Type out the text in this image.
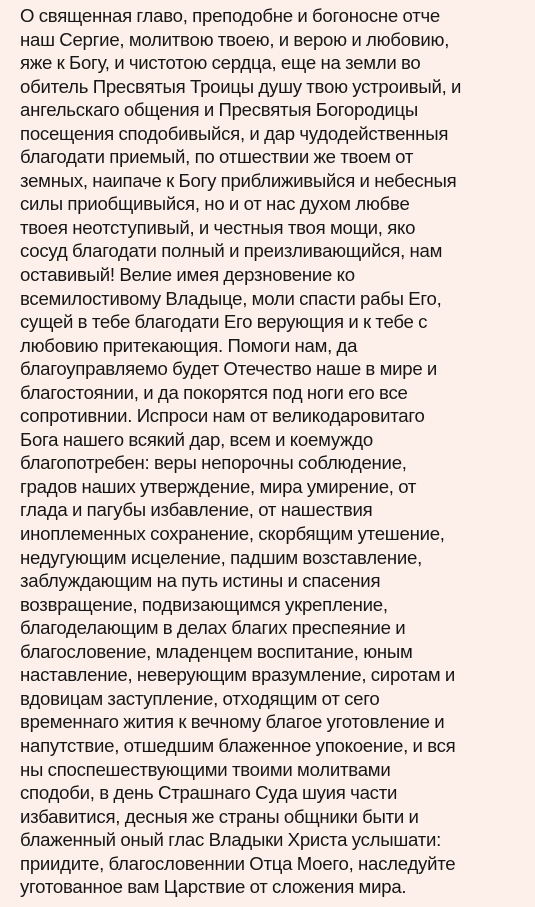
О священная главо, преподобне и богоносне отче
наш Сергие, молитвою твоею, и верою и любовию,
яже к Богу, и чистотою сердца, еще на земли во
обитель Пресвятыя Троицы душу твою устроивый, и
ангельскаго общения и Пресвятыя Богородицы
посещения сподобивыйся, и дар чудодейственныя
благодати приемый, по отшествии же твоем от
земных, наипаче к Богу приближивыйся и небесныя
силы приобщивыйся, но и от нас духом любве
твоея неотступивый, и честныя твоя мощи, яко
сосуд благодати полный и преизливающийся, нам
оставивый! Велие имея дерзновение ко
всемилостивому Владыце, моли спасти рабы Его,
сущей в тебе благодати Его верующия и к тебе с
любовию притекающия. Помоги нам, да
благоуправляемо будет Отечество наше в мире и
благостоянии, и да покорятся под ноги его все
сопротивнии. Испроси нам от великодаровитаго
Бога нашего всякий дар, всем и коемуждо
благопотребен: веры непорочны соблюдение,
градов наших утверждение, мира умирение, от
глада и пагубы избавление, от нашествия
иноплеменных сохранение, скорбящим утешение,
недугующим исцеление, падшим возставление,
заблуждающим на путь истины и спасения
возвращение, подвизающимся укрепление,
благоделающим в делах благих преспеяние и
благословение, младенцем воспитание, юным
наставление, неверующим вразумление, сиротам и
вдовицам заступление, отходящим от сего
временнаго жития к вечному благое уготовление и
напутствие, отшедшим блаженное упокоение, и вся
ны споспешествующими твоими молитвами
сподоби, в день Страшнаго Суда шуия части
избавитися, десныя же страны общники быти и
блаженный оный глас Владыки Христа услышати:
приидите, благословеннии Отца Моего, наследуйте
уготованное вам Царствие от сложения мира.
